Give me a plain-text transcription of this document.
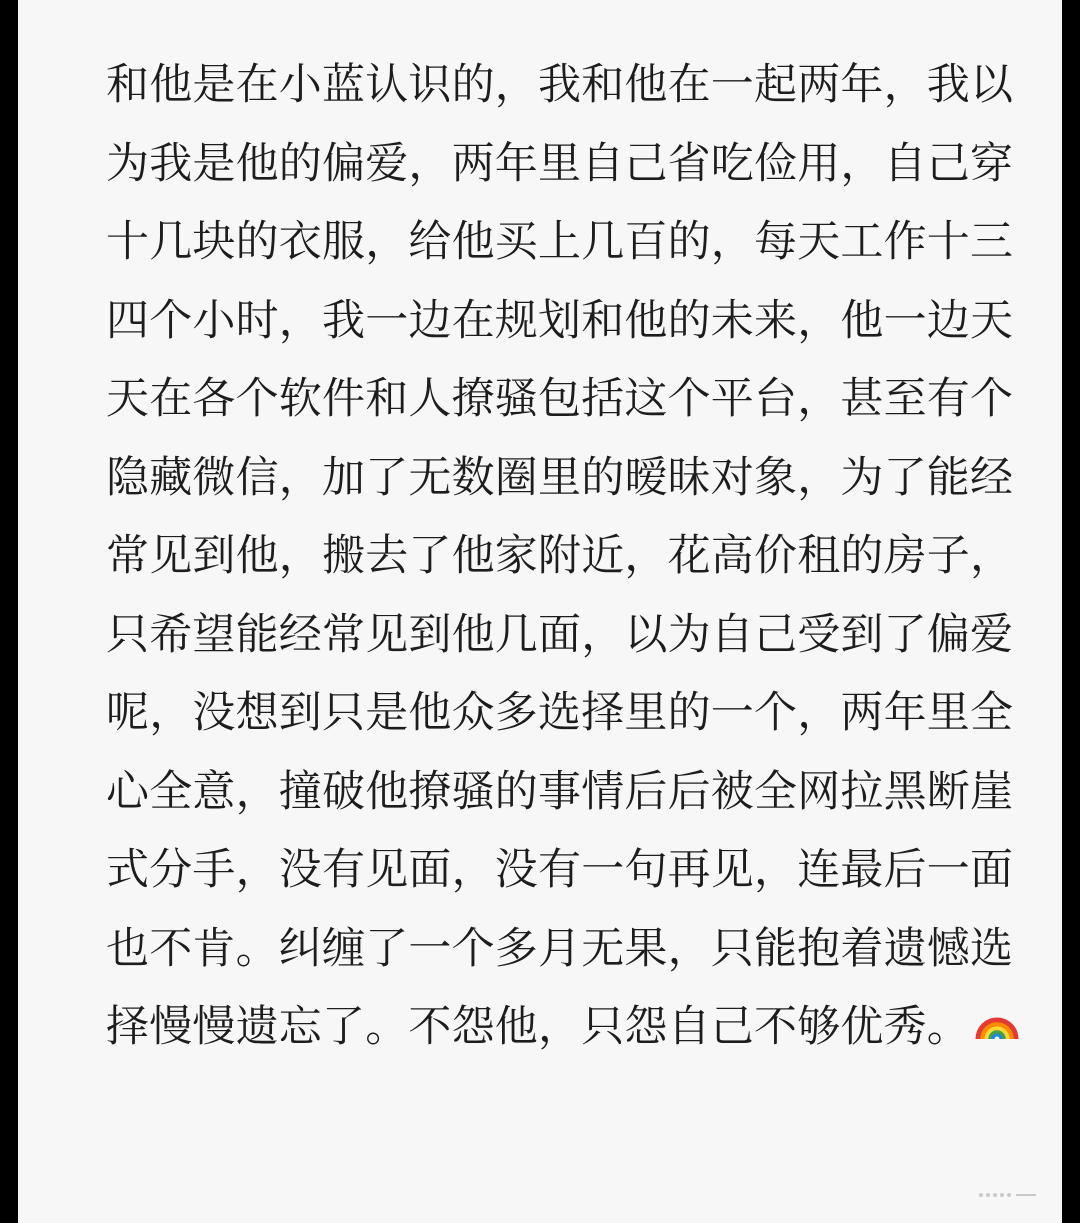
和他是在小蓝认识的，我和他在一起两年，我以
为我是他的偏爱，两年里自己省吃俭用，自己穿
十几块的衣服，给他买上几百的，每天工作十三
四个小时，我一边在规划和他的未来，他一边天
天在各个软件和人撩骚包括这个平台，甚至有个
隐藏微信，加了无数圈里的暧昧对象，为了能经
常见到他，搬去了他家附近，花高价租的房子，
只希望能经常见到他几面，以为自己受到了偏爱
呢，没想到只是他众多选择里的一个，两年里全
心全意，撞破他撩骚的事情后后被全网拉黑断崖
式分手，没有见面，没有一句再见，连最后一面
也不肯。纠缠了一个多月无果，只能抱着遗憾选
择慢慢遗忘了。不怨他，只怨自己不够优秀。
